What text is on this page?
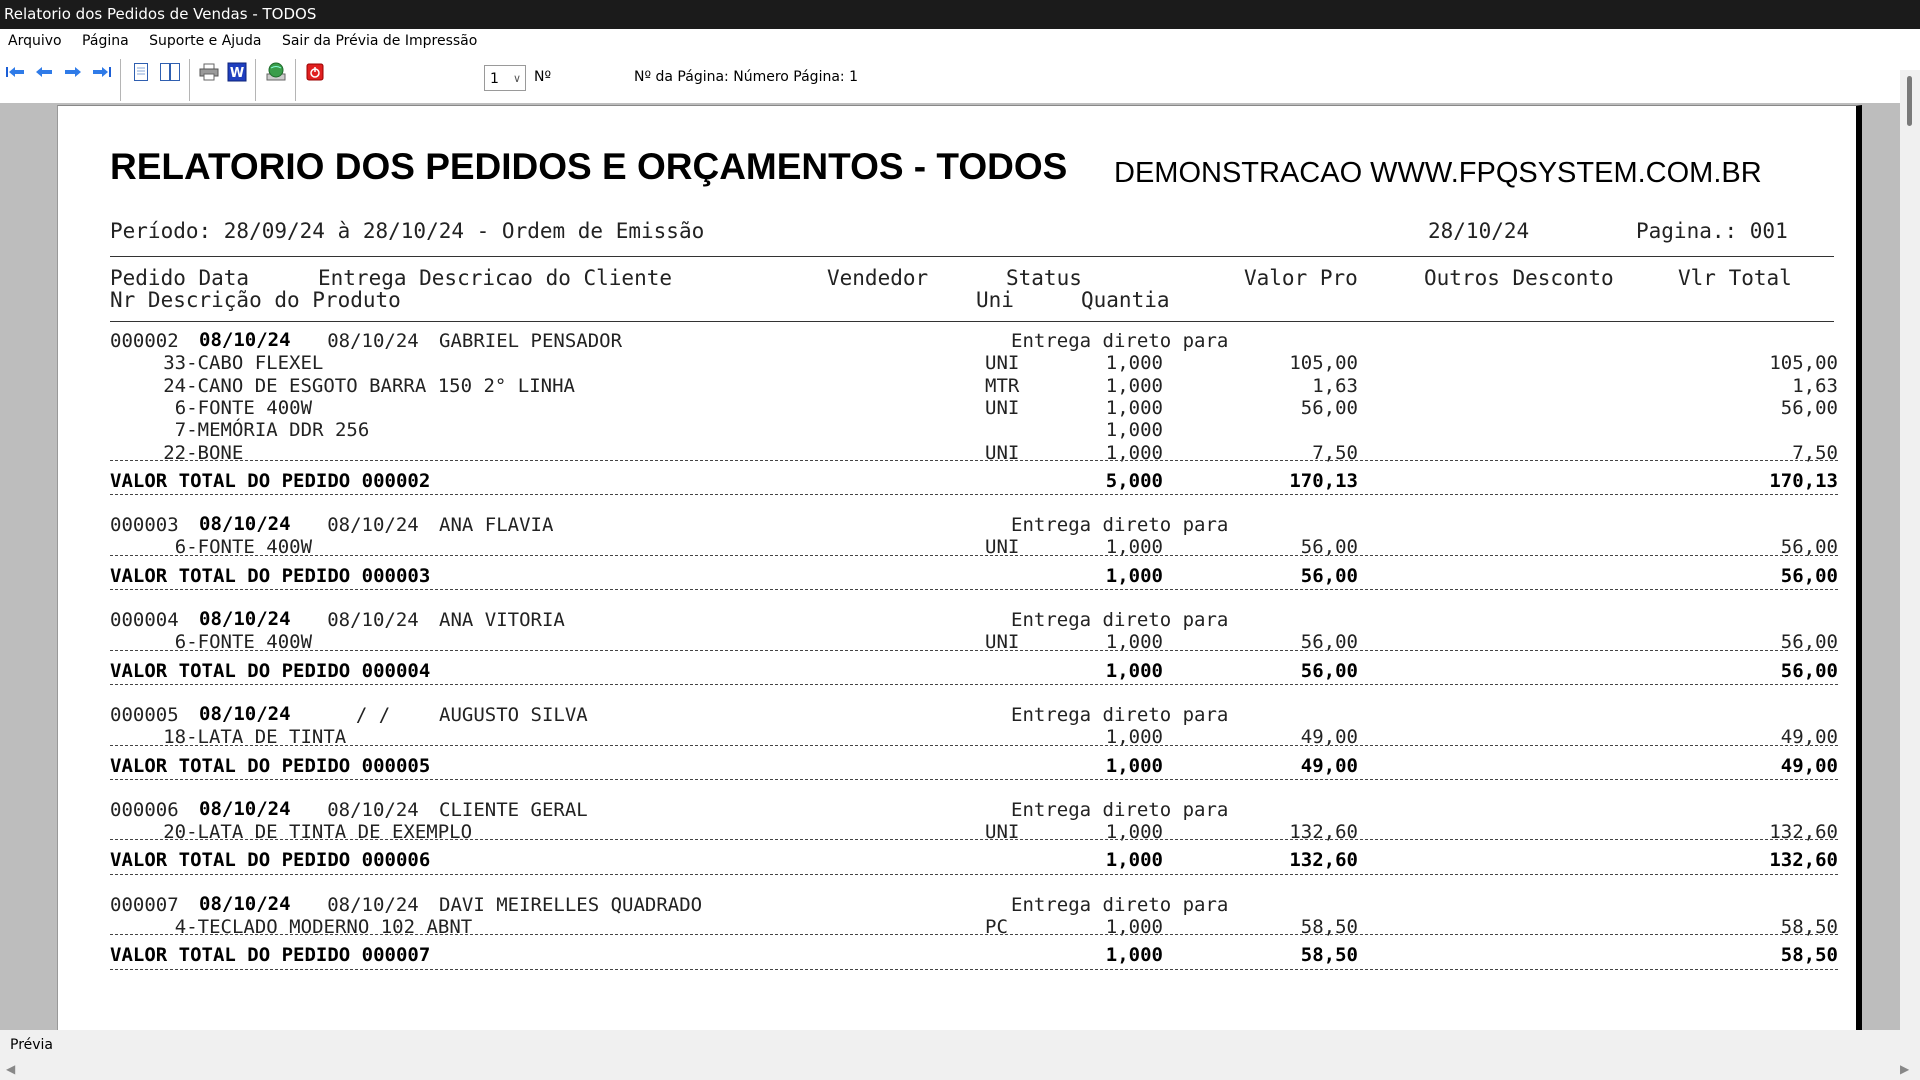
Relatorio dos Pedidos de Vendas - TODOS
Arquivo Página Suporte e Ajuda Sair da Prévia de Impressão
W	1 ∨ Nº	Nº da Página: Número Página: 1
RELATORIO DOS PEDIDOS E ORÇAMENTOS - TODOS DEMONSTRACAO WWW.FPQSYSTEM.COM.BR
Período: 28/09/24 à 28/10/24 - Ordem de Emissão	28/10/24	Pagina.: 001
Pedido Data	Entrega Descricao do Cliente	Vendedor	Status	Valor Pro	Outros Desconto	Vlr Total
Nr Descrição do Produto	Uni	Quantia
000002 08/10/24 08/10/24 GABRIEL PENSADOR	Entrega direto para
33-CABO FLEXEL	UNI	1,000	105,00	105,00
24-CANO DE ESGOTO BARRA 150 2° LINHA	MTR	1,000	1,63	1,63
6-FONTE 400W	UNI	1,000	56,00	56,00
7-MEMÓRIA DDR 256	1,000
22-BONE	UNI	1,000	7,50	7,50
VALOR TOTAL DO PEDIDO 000002	5,000	170,13	170,13
000003 08/10/24 08/10/24 ANA FLAVIA	Entrega direto para
6-FONTE 400W	UNI	1,000	56,00	56,00
VALOR TOTAL DO PEDIDO 000003	1,000	56,00	56,00
000004 08/10/24 08/10/24 ANA VITORIA	Entrega direto para
6-FONTE 400W	UNI	1,000	56,00	56,00
VALOR TOTAL DO PEDIDO 000004	1,000	56,00	56,00
000005 08/10/24	/ /	AUGUSTO SILVA	Entrega direto para
18-LATA DE TINTA	1,000	49,00	49,00
VALOR TOTAL DO PEDIDO 000005	1,000	49,00	49,00
000006 08/10/24 08/10/24 CLIENTE GERAL	Entrega direto para
20-LATA DE TINTA DE EXEMPLO	UNI	1,000	132,60	132,60
VALOR TOTAL DO PEDIDO 000006	1,000	132,60	132,60
000007 08/10/24 08/10/24 DAVI MEIRELLES QUADRADO	Entrega direto para
4-TECLADO MODERNO 102 ABNT	PC	1,000	58,50	58,50
VALOR TOTAL DO PEDIDO 000007	1,000	58,50	58,50
Prévia
◀	▶
